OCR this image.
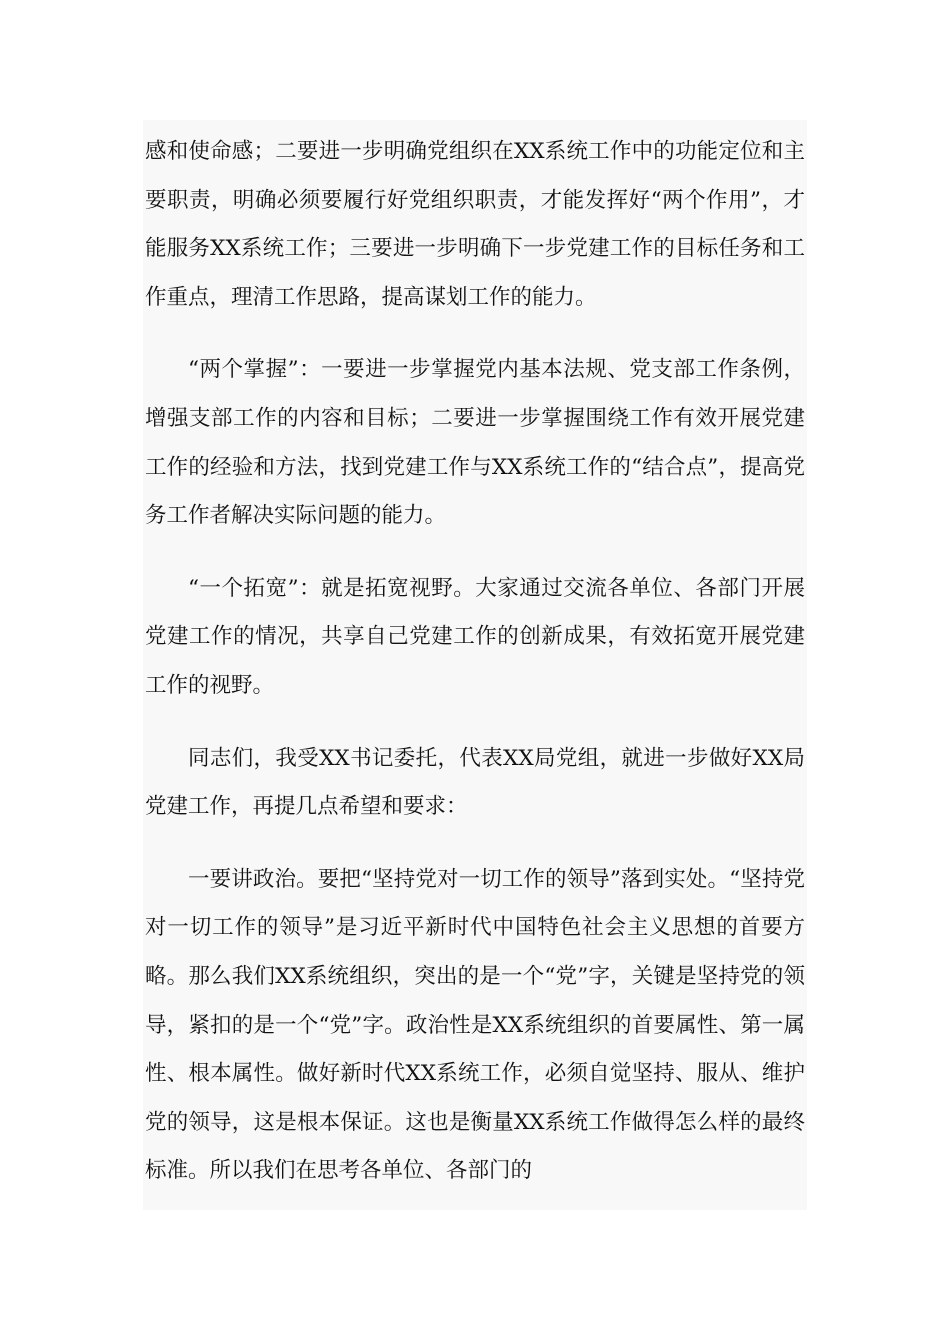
感和使命感；二要进一步明确党组织在XX系统工作中的功能定位和主要职责，明确必须要履行好党组织职责，才能发挥好“两个作用”，才能服务XX系统工作；三要进一步明确下一步党建工作的目标任务和工作重点，理清工作思路，提高谋划工作的能力。

“两个掌握”：一要进一步掌握党内基本法规、党支部工作条例，增强支部工作的内容和目标；二要进一步掌握围绕工作有效开展党建工作的经验和方法，找到党建工作与XX系统工作的“结合点”，提高党务工作者解决实际问题的能力。

“一个拓宽”：就是拓宽视野。大家通过交流各单位、各部门开展党建工作的情况，共享自己党建工作的创新成果，有效拓宽开展党建工作的视野。

同志们，我受XX书记委托，代表XX局党组，就进一步做好XX局党建工作，再提几点希望和要求：

一要讲政治。要把“坚持党对一切工作的领导”落到实处。“坚持党对一切工作的领导”是习近平新时代中国特色社会主义思想的首要方略。那么我们XX系统组织，突出的是一个“党”字，关键是坚持党的领导，紧扣的是一个“党”字。政治性是XX系统组织的首要属性、第一属性、根本属性。做好新时代XX系统工作，必须自觉坚持、服从、维护党的领导，这是根本保证。这也是衡量XX系统工作做得怎么样的最终标准。所以我们在思考各单位、各部门的
